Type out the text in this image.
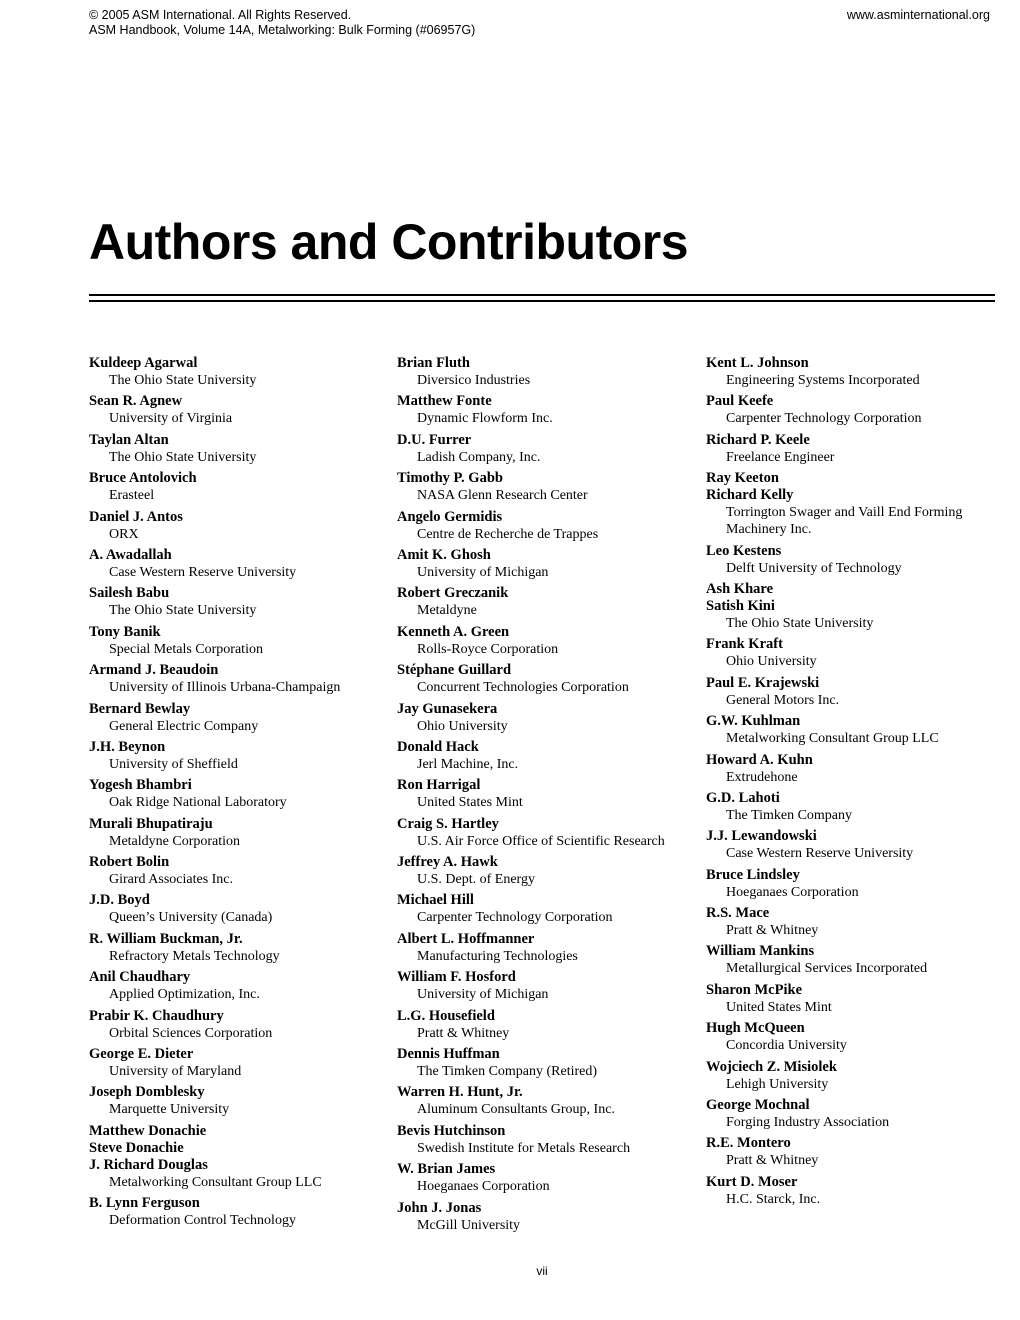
© 2005 ASM International. All Rights Reserved.
ASM Handbook, Volume 14A, Metalworking: Bulk Forming (#06957G)
www.asminternational.org
Authors and Contributors
Kuldeep Agarwal
The Ohio State University
Sean R. Agnew
University of Virginia
Taylan Altan
The Ohio State University
Bruce Antolovich
Erasteel
Daniel J. Antos
ORX
A. Awadallah
Case Western Reserve University
Sailesh Babu
The Ohio State University
Tony Banik
Special Metals Corporation
Armand J. Beaudoin
University of Illinois Urbana-Champaign
Bernard Bewlay
General Electric Company
J.H. Beynon
University of Sheffield
Yogesh Bhambri
Oak Ridge National Laboratory
Murali Bhupatiraju
Metaldyne Corporation
Robert Bolin
Girard Associates Inc.
J.D. Boyd
Queen’s University (Canada)
R. William Buckman, Jr.
Refractory Metals Technology
Anil Chaudhary
Applied Optimization, Inc.
Prabir K. Chaudhury
Orbital Sciences Corporation
George E. Dieter
University of Maryland
Joseph Domblesky
Marquette University
Matthew Donachie
Steve Donachie
J. Richard Douglas
Metalworking Consultant Group LLC
B. Lynn Ferguson
Deformation Control Technology
Brian Fluth
Diversico Industries
Matthew Fonte
Dynamic Flowform Inc.
D.U. Furrer
Ladish Company, Inc.
Timothy P. Gabb
NASA Glenn Research Center
Angelo Germidis
Centre de Recherche de Trappes
Amit K. Ghosh
University of Michigan
Robert Greczanik
Metaldyne
Kenneth A. Green
Rolls-Royce Corporation
Stéphane Guillard
Concurrent Technologies Corporation
Jay Gunasekera
Ohio University
Donald Hack
Jerl Machine, Inc.
Ron Harrigal
United States Mint
Craig S. Hartley
U.S. Air Force Office of Scientific Research
Jeffrey A. Hawk
U.S. Dept. of Energy
Michael Hill
Carpenter Technology Corporation
Albert L. Hoffmanner
Manufacturing Technologies
William F. Hosford
University of Michigan
L.G. Housefield
Pratt & Whitney
Dennis Huffman
The Timken Company (Retired)
Warren H. Hunt, Jr.
Aluminum Consultants Group, Inc.
Bevis Hutchinson
Swedish Institute for Metals Research
W. Brian James
Hoeganaes Corporation
John J. Jonas
McGill University
Kent L. Johnson
Engineering Systems Incorporated
Paul Keefe
Carpenter Technology Corporation
Richard P. Keele
Freelance Engineer
Ray Keeton
Richard Kelly
Torrington Swager and Vaill End Forming Machinery Inc.
Leo Kestens
Delft University of Technology
Ash Khare
Satish Kini
The Ohio State University
Frank Kraft
Ohio University
Paul E. Krajewski
General Motors Inc.
G.W. Kuhlman
Metalworking Consultant Group LLC
Howard A. Kuhn
Extrudehone
G.D. Lahoti
The Timken Company
J.J. Lewandowski
Case Western Reserve University
Bruce Lindsley
Hoeganaes Corporation
R.S. Mace
Pratt & Whitney
William Mankins
Metallurgical Services Incorporated
Sharon McPike
United States Mint
Hugh McQueen
Concordia University
Wojciech Z. Misiolek
Lehigh University
George Mochnal
Forging Industry Association
R.E. Montero
Pratt & Whitney
Kurt D. Moser
H.C. Starck, Inc.
vii
